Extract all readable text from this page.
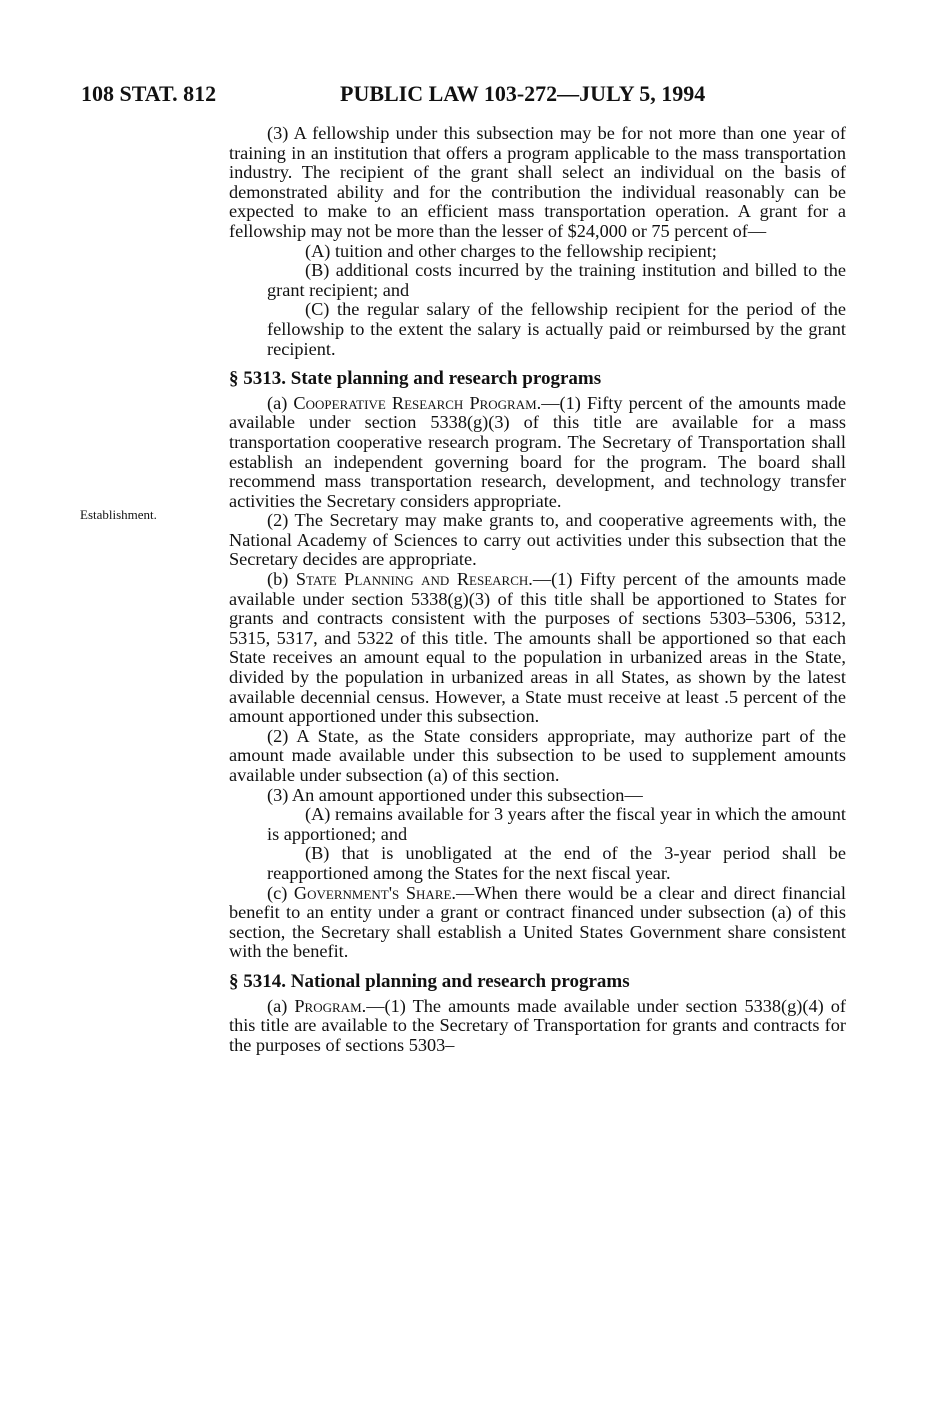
108 STAT. 812	PUBLIC LAW 103-272—JULY 5, 1994
Establishment.

(3) A fellowship under this subsection may be for not more than one year of training in an institution that offers a program applicable to the mass transportation industry. The recipient of the grant shall select an individual on the basis of demonstrated ability and for the contribution the individual reasonably can be expected to make to an efficient mass transportation operation. A grant for a fellowship may not be more than the lesser of $24,000 or 75 percent of—

(A) tuition and other charges to the fellowship recipient;

(B) additional costs incurred by the training institution and billed to the grant recipient; and

(C) the regular salary of the fellowship recipient for the period of the fellowship to the extent the salary is actually paid or reimbursed by the grant recipient.

§ 5313. State planning and research programs

(a) Cooperative Research Program.—(1) Fifty percent of the amounts made available under section 5338(g)(3) of this title are available for a mass transportation cooperative research program. The Secretary of Transportation shall establish an independent governing board for the program. The board shall recommend mass transportation research, development, and technology transfer activities the Secretary considers appropriate.

(2) The Secretary may make grants to, and cooperative agreements with, the National Academy of Sciences to carry out activities under this subsection that the Secretary decides are appropriate.

(b) State Planning and Research.—(1) Fifty percent of the amounts made available under section 5338(g)(3) of this title shall be apportioned to States for grants and contracts consistent with the purposes of sections 5303–5306, 5312, 5315, 5317, and 5322 of this title. The amounts shall be apportioned so that each State receives an amount equal to the population in urbanized areas in the State, divided by the population in urbanized areas in all States, as shown by the latest available decennial census. However, a State must receive at least .5 percent of the amount apportioned under this subsection.

(2) A State, as the State considers appropriate, may authorize part of the amount made available under this subsection to be used to supplement amounts available under subsection (a) of this section.

(3) An amount apportioned under this subsection—

(A) remains available for 3 years after the fiscal year in which the amount is apportioned; and

(B) that is unobligated at the end of the 3-year period shall be reapportioned among the States for the next fiscal year.

(c) Government's Share.—When there would be a clear and direct financial benefit to an entity under a grant or contract financed under subsection (a) of this section, the Secretary shall establish a United States Government share consistent with the benefit.

§ 5314. National planning and research programs

(a) Program.—(1) The amounts made available under section 5338(g)(4) of this title are available to the Secretary of Transportation for grants and contracts for the purposes of sections 5303–
